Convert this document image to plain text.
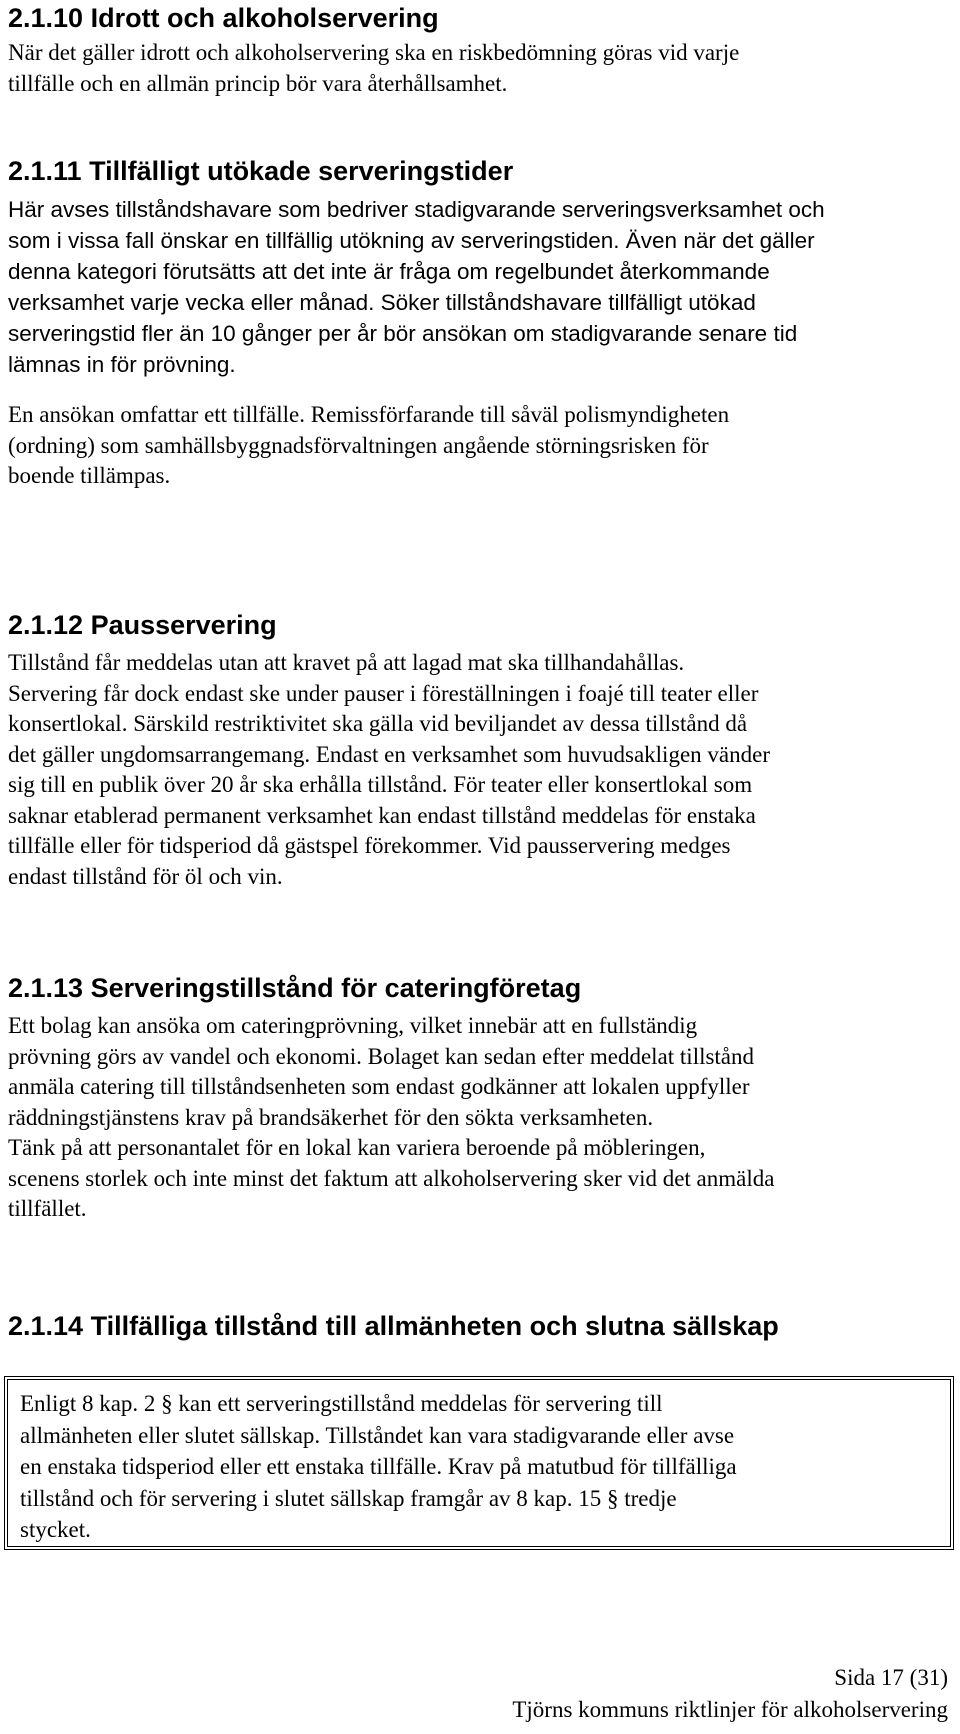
2.1.10 Idrott och alkoholservering

När det gäller idrott och alkoholservering ska en riskbedömning göras vid varje
tillfälle och en allmän princip bör vara återhållsamhet.

2.1.11 Tillfälligt utökade serveringstider

Här avses tillståndshavare som bedriver stadigvarande serveringsverksamhet och
som i vissa fall önskar en tillfällig utökning av serveringstiden. Även när det gäller
denna kategori förutsätts att det inte är fråga om regelbundet återkommande
verksamhet varje vecka eller månad. Söker tillståndshavare tillfälligt utökad
serveringstid fler än 10 gånger per år bör ansökan om stadigvarande senare tid
lämnas in för prövning.

En ansökan omfattar ett tillfälle. Remissförfarande till såväl polismyndigheten
(ordning) som samhällsbyggnadsförvaltningen angående störningsrisken för
boende tillämpas.

2.1.12 Pausservering

Tillstånd får meddelas utan att kravet på att lagad mat ska tillhandahållas.
Servering får dock endast ske under pauser i föreställningen i foajé till teater eller
konsertlokal. Särskild restriktivitet ska gälla vid beviljandet av dessa tillstånd då
det gäller ungdomsarrangemang. Endast en verksamhet som huvudsakligen vänder
sig till en publik över 20 år ska erhålla tillstånd. För teater eller konsertlokal som
saknar etablerad permanent verksamhet kan endast tillstånd meddelas för enstaka
tillfälle eller för tidsperiod då gästspel förekommer. Vid pausservering medges
endast tillstånd för öl och vin.

2.1.13 Serveringstillstånd för cateringföretag

Ett bolag kan ansöka om cateringprövning, vilket innebär att en fullständig
prövning görs av vandel och ekonomi. Bolaget kan sedan efter meddelat tillstånd
anmäla catering till tillståndsenheten som endast godkänner att lokalen uppfyller
räddningstjänstens krav på brandsäkerhet för den sökta verksamheten.
Tänk på att personantalet för en lokal kan variera beroende på möbleringen,
scenens storlek och inte minst det faktum att alkoholservering sker vid det anmälda
tillfället.

2.1.14 Tillfälliga tillstånd till allmänheten och slutna sällskap

Enligt 8 kap. 2 § kan ett serveringstillstånd meddelas för servering till
allmänheten eller slutet sällskap. Tillståndet kan vara stadigvarande eller avse
en enstaka tidsperiod eller ett enstaka tillfälle. Krav på matutbud för tillfälliga
tillstånd och för servering i slutet sällskap framgår av 8 kap. 15 § tredje
stycket.

Sida 17 (31)
Tjörns kommuns riktlinjer för alkoholservering
